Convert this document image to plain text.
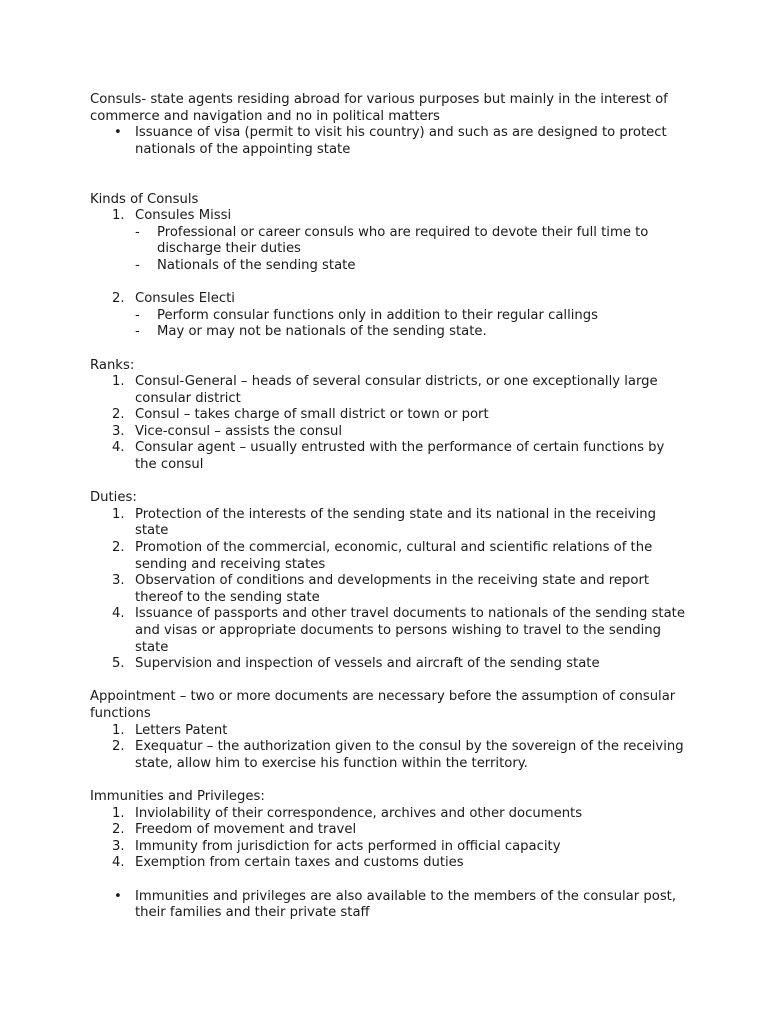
Consuls- state agents residing abroad for various purposes but mainly in the interest of commerce and navigation and no in political matters

•	Issuance of visa (permit to visit his country) and such as are designed to protect nationals of the appointing state

Kinds of Consuls

1. Consules Missi
-	Professional or career consuls who are required to devote their full time to discharge their duties
-	Nationals of the sending state
2. Consules Electi
-	Perform consular functions only in addition to their regular callings
-	May or may not be nationals of the sending state.

Ranks:

1. Consul-General – heads of several consular districts, or one exceptionally large consular district
2. Consul – takes charge of small district or town or port
3. Vice-consul – assists the consul
4. Consular agent – usually entrusted with the performance of certain functions by the consul

Duties:

1. Protection of the interests of the sending state and its national in the receiving state
2. Promotion of the commercial, economic, cultural and scientific relations of the sending and receiving states
3. Observation of conditions and developments in the receiving state and report thereof to the sending state
4. Issuance of passports and other travel documents to nationals of the sending state and visas or appropriate documents to persons wishing to travel to the sending state
5. Supervision and inspection of vessels and aircraft of the sending state

Appointment – two or more documents are necessary before the assumption of consular functions

1. Letters Patent
2. Exequatur – the authorization given to the consul by the sovereign of the receiving state, allow him to exercise his function within the territory.

Immunities and Privileges:

1. Inviolability of their correspondence, archives and other documents
2. Freedom of movement and travel
3. Immunity from jurisdiction for acts performed in official capacity
4. Exemption from certain taxes and customs duties
•	Immunities and privileges are also available to the members of the consular post, their families and their private staff
